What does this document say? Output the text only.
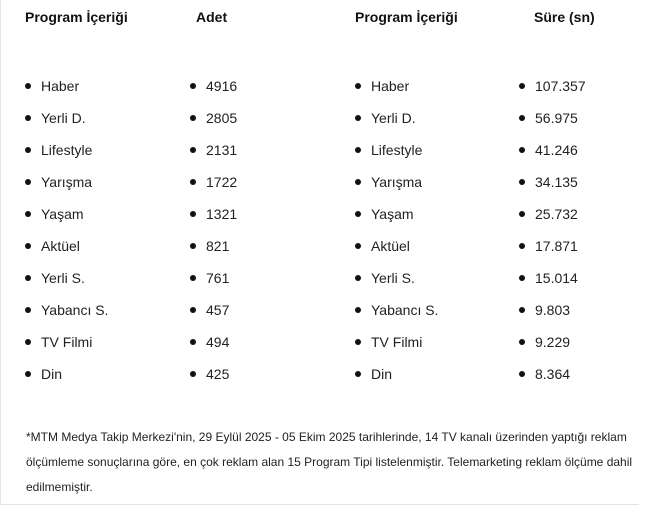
Program İçeriği
Haber
Yerli D.
Lifestyle
Yarışma
Yaşam
Aktüel
Yerli S.
Yabancı S.
TV Filmi
Din
Adet
4916
2805
2131
1722
1321
821
761
457
494
425
Program İçeriği
Haber
Yerli D.
Lifestyle
Yarışma
Yaşam
Aktüel
Yerli S.
Yabancı S.
TV Filmi
Din
Süre (sn)
107.357
56.975
41.246
34.135
25.732
17.871
15.014
9.803
9.229
8.364
*MTM Medya Takip Merkezi'nin, 29 Eylül 2025 - 05 Ekim 2025 tarihlerinde, 14 TV kanalı üzerinden yaptığı reklam ölçümleme sonuçlarına göre, en çok reklam alan 15 Program Tipi listelenmiştir. Telemarketing reklam ölçüme dahil edilmemiştir.
